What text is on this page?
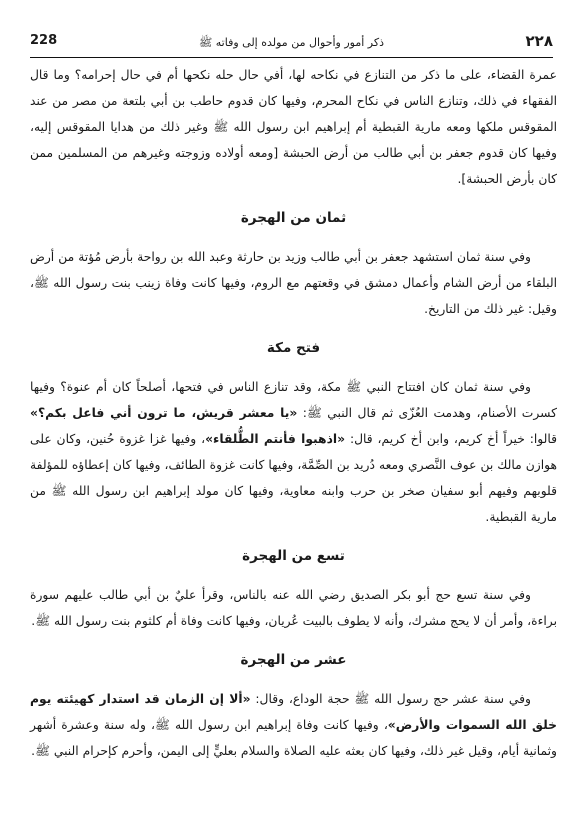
٢٢٨
ذكر أمور وأحوال من مولده إلى وفاته ﷺ
228

عمرة القضاء، على ما ذكر من التنازع في نكاحه لها، أفي حال حله نكحها أم في حال إحرامه؟ وما قال الفقهاء في ذلك، وتنازع الناس في نكاح المحرم، وفيها كان قدوم حاطب بن أبي بلتعة من مصر من عند المقوقس ملكها ومعه مارية القبطية أم إبراهيم ابن رسول الله ﷺ وغير ذلك من هدايا المقوقس إليه، وفيها كان قدوم جعفر بن أبي طالب من أرض الحبشة [ومعه أولاده وزوجته وغيرهم من المسلمين ممن كان بأرض الحبشة].

ثمان من الهجرة

وفي سنة ثمان استشهد جعفر بن أبي طالب وزيد بن حارثة وعبد الله بن رواحة بأرض مُؤتة من أرض البلقاء من أرض الشام وأعمال دمشق في وقعتهم مع الروم، وفيها كانت وفاة زينب بنت رسول الله ﷺ، وقيل: غير ذلك من التاريخ.

فتح مكة

وفي سنة ثمان كان افتتاح النبي ﷺ مكة، وقد تنازع الناس في فتحها، أصلحاً كان أم عنوة؟ وفيها كسرت الأصنام، وهدمت العُزّى ثم قال النبي ﷺ: «يا معشر قريش، ما ترون أني فاعل بكم؟» قالوا: خيراً أخ كريم، وابن أخ كريم، قال: «اذهبوا فأنتم الطُّلقاء»، وفيها غزا غزوة حُنين، وكان على هوازن مالك بن عوف النَّصري ومعه دُريد بن الصِّمَّة، وفيها كانت غزوة الطائف، وفيها كان إعطاؤه للمؤلفة قلوبهم وفيهم أبو سفيان صخر بن حرب وابنه معاوية، وفيها كان مولد إبراهيم ابن رسول الله ﷺ من مارية القبطية.

تسع من الهجرة

وفي سنة تسع حج أبو بكر الصديق رضي الله عنه بالناس، وقرأ عليٌ بن أبي طالب عليهم سورة براءة، وأمر أن لا يحج مشرك، وأنه لا يطوف بالبيت عُريان، وفيها كانت وفاة أم كلثوم بنت رسول الله ﷺ.

عشر من الهجرة

وفي سنة عشر حج رسول الله ﷺ حجة الوداع، وقال: «ألا إن الزمان قد استدار كهيئته يوم خلق الله السموات والأرض»، وفيها كانت وفاة إبراهيم ابن رسول الله ﷺ، وله سنة وعشرة أشهر وثمانية أيام، وقيل غير ذلك، وفيها كان بعثه عليه الصلاة والسلام بعليٍّ إلى اليمن، وأحرم كإحرام النبي ﷺ.
